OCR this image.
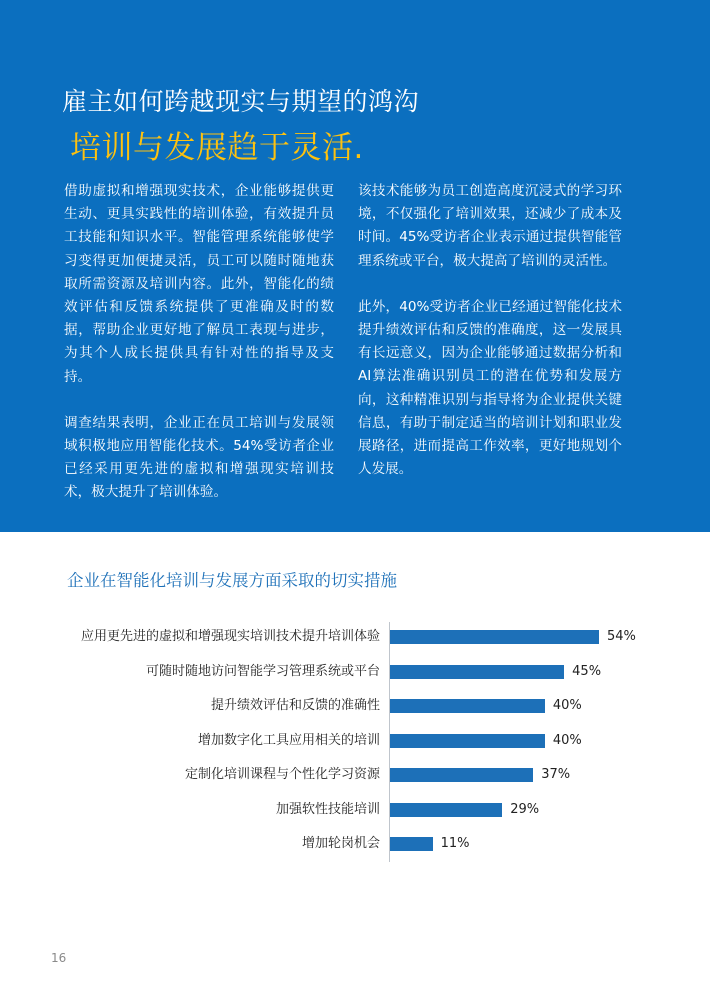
雇主如何跨越现实与期望的鸿沟
培训与发展趋于灵活.

借助虚拟和增强现实技术，企业能够提供更生动、更具实践性的培训体验，有效提升员工技能和知识水平。智能管理系统能够使学习变得更加便捷灵活，员工可以随时随地获取所需资源及培训内容。此外，智能化的绩效评估和反馈系统提供了更准确及时的数据，帮助企业更好地了解员工表现与进步，为其个人成长提供具有针对性的指导及支持。

调查结果表明，企业正在员工培训与发展领域积极地应用智能化技术。54%受访者企业已经采用更先进的虚拟和增强现实培训技术，极大提升了培训体验。

该技术能够为员工创造高度沉浸式的学习环境，不仅强化了培训效果，还减少了成本及时间。45%受访者企业表示通过提供智能管理系统或平台，极大提高了培训的灵活性。

此外，40%受访者企业已经通过智能化技术提升绩效评估和反馈的准确度，这一发展具有长远意义，因为企业能够通过数据分析和AI算法准确识别员工的潜在优势和发展方向，这种精准识别与指导将为企业提供关键信息，有助于制定适当的培训计划和职业发展路径，进而提高工作效率，更好地规划个人发展。

企业在智能化培训与发展方面采取的切实措施
应用更先进的虚拟和增强现实培训技术提升培训体验	54%
可随时随地访问智能学习管理系统或平台	45%
提升绩效评估和反馈的准确性	40%
增加数字化工具应用相关的培训	40%
定制化培训课程与个性化学习资源	37%
加强软性技能培训	29%
增加轮岗机会	11%
16
